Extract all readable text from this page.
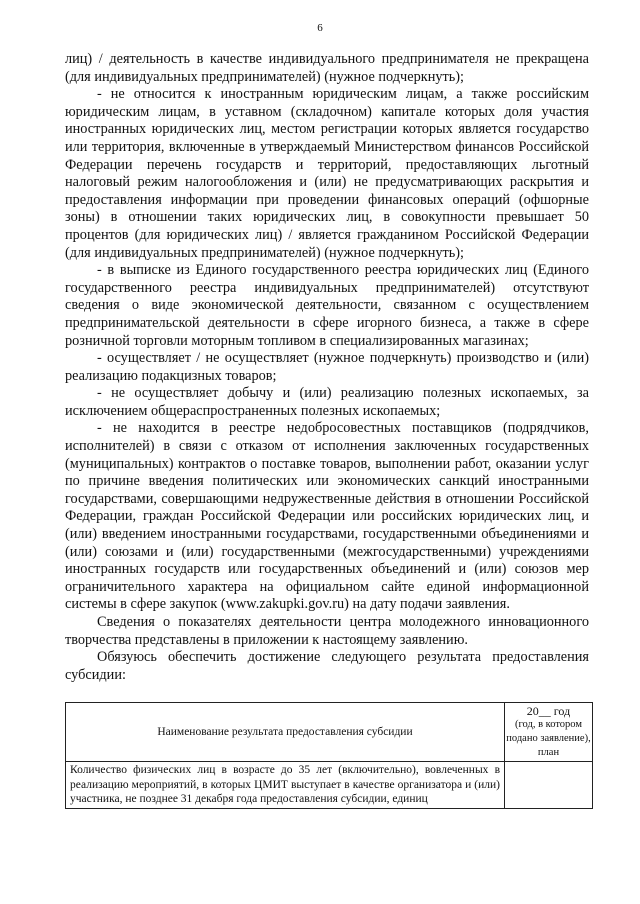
6

лиц) / деятельность в качестве индивидуального предпринимателя не прекращена (для индивидуальных предпринимателей) (нужное подчеркнуть);

- не относится к иностранным юридическим лицам, а также российским юридическим лицам, в уставном (складочном) капитале которых доля участия иностранных юридических лиц, местом регистрации которых является государство или территория, включенные в утверждаемый Министерством финансов Российской Федерации перечень государств и территорий, предоставляющих льготный налоговый режим налогообложения и (или) не предусматривающих раскрытия и предоставления информации при проведении финансовых операций (офшорные зоны) в отношении таких юридических лиц, в совокупности превышает 50 процентов (для юридических лиц) / является гражданином Российской Федерации (для индивидуальных предпринимателей) (нужное подчеркнуть);

- в выписке из Единого государственного реестра юридических лиц (Единого государственного реестра индивидуальных предпринимателей) отсутствуют сведения о виде экономической деятельности, связанном с осуществлением предпринимательской деятельности в сфере игорного бизнеса, а также в сфере розничной торговли моторным топливом в специализированных магазинах;

- осуществляет / не осуществляет (нужное подчеркнуть) производство и (или) реализацию подакцизных товаров;

- не осуществляет добычу и (или) реализацию полезных ископаемых, за исключением общераспространенных полезных ископаемых;

- не находится в реестре недобросовестных поставщиков (подрядчиков, исполнителей) в связи с отказом от исполнения заключенных государственных (муниципальных) контрактов о поставке товаров, выполнении работ, оказании услуг по причине введения политических или экономических санкций иностранными государствами, совершающими недружественные действия в отношении Российской Федерации, граждан Российской Федерации или российских юридических лиц, и (или) введением иностранными государствами, государственными объединениями и (или) союзами и (или) государственными (межгосударственными) учреждениями иностранных государств или государственных объединений и (или) союзов мер ограничительного характера на официальном сайте единой информационной системы в сфере закупок (www.zakupki.gov.ru) на дату подачи заявления.

Сведения о показателях деятельности центра молодежного инновационного творчества представлены в приложении к настоящему заявлению.

Обязуюсь обеспечить достижение следующего результата предоставления субсидии:

Наименование результата предоставления субсидии	20__ год
(год, в котором подано заявление), план

Количество физических лиц в возрасте до 35 лет (включительно), вовлеченных в реализацию мероприятий, в которых ЦМИТ выступает в качестве организатора и (или) участника, не позднее 31 декабря года предоставления субсидии, единиц	
